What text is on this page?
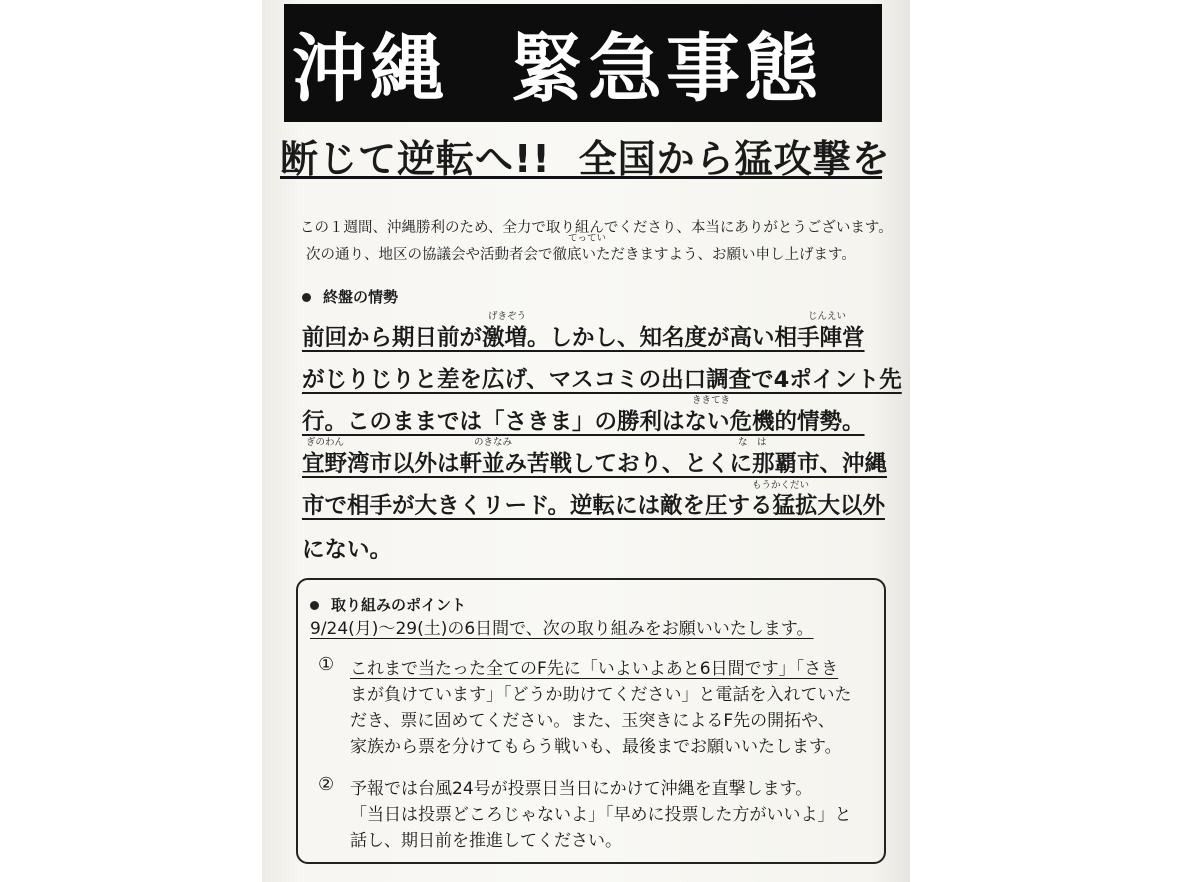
沖縄 緊急事態
断じて逆転へ!! 全国から猛攻撃を
この１週間、沖縄勝利のため、全力で取り組んでくださり、本当にありがとうございます。
てってい
次の通り、地区の協議会や活動者会で徹底いただきますよう、お願い申し上げます。
終盤の情勢
げきぞう	じんえい
前回から期日前が激増。しかし、知名度が高い相手陣営
がじりじりと差を広げ、マスコミの出口調査で4ポイント先
ききてき
行。このままでは「さきま」の勝利はない危機的情勢。
ぎのわん	のきなみ	な　は
宜野湾市以外は軒並み苦戦しており、とくに那覇市、沖縄
もうかくだい
市で相手が大きくリード。逆転には敵を圧する猛拡大以外
にない。
取り組みのポイント
9/24(月)～29(土)の6日間で、次の取り組みをお願いいたします。
① これまで当たった全てのF先に「いよいよあと6日間です」「さき
まが負けています」「どうか助けてください」と電話を入れていた
だき、票に固めてください。また、玉突きによるF先の開拓や、
家族から票を分けてもらう戦いも、最後までお願いいたします。
② 予報では台風24号が投票日当日にかけて沖縄を直撃します。
「当日は投票どころじゃないよ」「早めに投票した方がいいよ」と
話し、期日前を推進してください。
